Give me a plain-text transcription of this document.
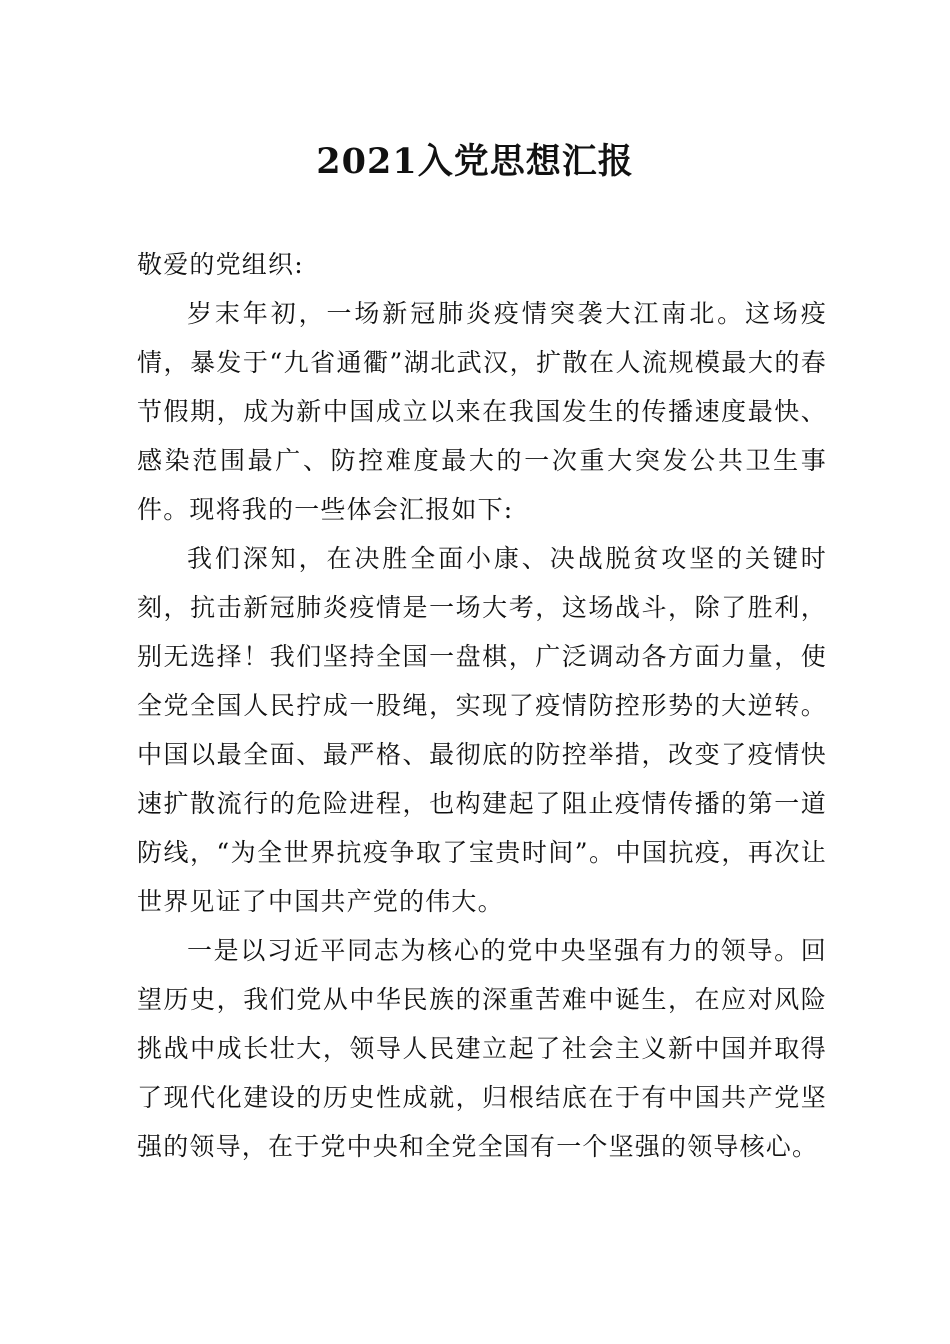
2021入党思想汇报

敬爱的党组织:

岁末年初，一场新冠肺炎疫情突袭大江南北。这场疫情，暴发于“九省通衢”湖北武汉，扩散在人流规模最大的春节假期，成为新中国成立以来在我国发生的传播速度最快、感染范围最广、防控难度最大的一次重大突发公共卫生事件。现将我的一些体会汇报如下:

我们深知，在决胜全面小康、决战脱贫攻坚的关键时刻，抗击新冠肺炎疫情是一场大考，这场战斗，除了胜利，别无选择！我们坚持全国一盘棋，广泛调动各方面力量，使全党全国人民拧成一股绳，实现了疫情防控形势的大逆转。中国以最全面、最严格、最彻底的防控举措，改变了疫情快速扩散流行的危险进程，也构建起了阻止疫情传播的第一道防线，“为全世界抗疫争取了宝贵时间”。中国抗疫，再次让世界见证了中国共产党的伟大。

一是以习近平同志为核心的党中央坚强有力的领导。回望历史，我们党从中华民族的深重苦难中诞生，在应对风险挑战中成长壮大，领导人民建立起了社会主义新中国并取得了现代化建设的历史性成就，归根结底在于有中国共产党坚强的领导，在于党中央和全党全国有一个坚强的领导核心。
